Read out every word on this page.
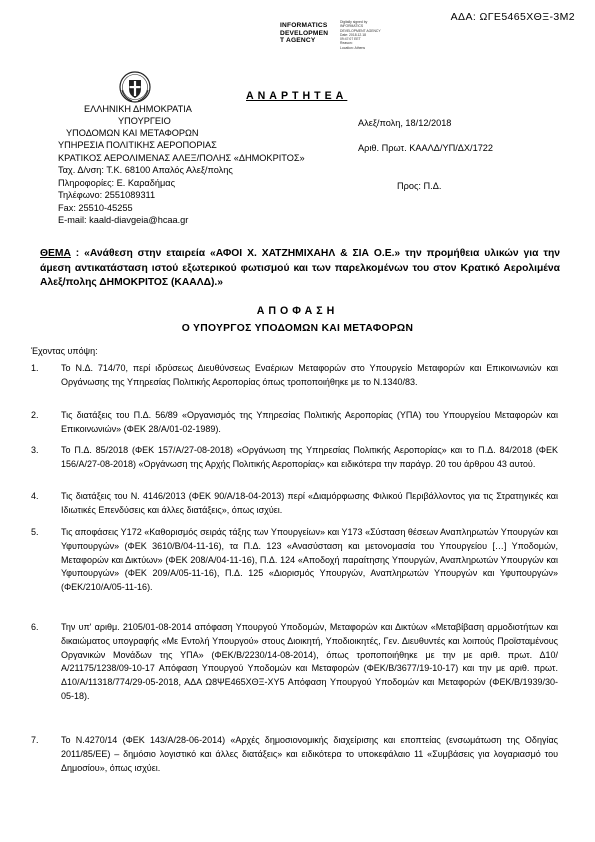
ΑΔΑ: ΩΓΕ5465ΧΘΞ-3Μ2
INFORMATICS
DEVELOPMEN
T AGENCY
Digitally signed by
INFORMATICS
DEVELOPMENT AGENCY
Date: 2018.12.18
09:47:07 EET
Reason:
Location: Athens
ΑΝΑΡΤΗΤΕΑ
ΕΛΛΗΝΙΚΗ ΔΗΜΟΚΡΑΤΙΑ
ΥΠΟΥΡΓΕΙΟ
ΥΠΟΔΟΜΩΝ ΚΑΙ ΜΕΤΑΦΟΡΩΝ
ΥΠΗΡΕΣΙΑ ΠΟΛΙΤΙΚΗΣ ΑΕΡΟΠΟΡΙΑΣ
ΚΡΑΤΙΚΟΣ ΑΕΡΟΛΙΜΕΝΑΣ ΑΛΕΞ/ΠΟΛΗΣ «ΔΗΜΟΚΡΙΤΟΣ»
Ταχ. Δ/νση: Τ.Κ. 68100 Απαλός Αλεξ/πολης
Πληροφορίες: Ε. Καραδήμας
Τηλέφωνο: 2551089311
Fax: 25510-45255
E-mail: kaald-diavgeia@hcaa.gr
Αλεξ/πολη, 18/12/2018
Αριθ. Πρωτ. ΚΑΑΛΔ/ΥΠ/ΔΧ/1722
Προς: Π.Δ.
ΘΕΜΑ : «Ανάθεση στην εταιρεία «ΑΦΟΙ Χ. ΧΑΤΖΗΜΙΧΑΗΛ & ΣΙΑ Ο.Ε.» την προμήθεια υλικών για την άμεση αντικατάσταση ιστού εξωτερικού φωτισμού και των παρελκομένων του στον Κρατικό Αερολιμένα Αλεξ/πολης ΔΗΜΟΚΡΙΤΟΣ (ΚΑΑΛΔ).»
ΑΠΟΦΑΣΗ
Ο ΥΠΟΥΡΓΟΣ ΥΠΟΔΟΜΩΝ ΚΑΙ ΜΕΤΑΦΟΡΩΝ
Έχοντας υπόψη:
1. Το Ν.Δ. 714/70, περί ιδρύσεως Διευθύνσεως Εναέριων Μεταφορών στο Υπουργείο Μεταφορών και Επικοινωνιών και Οργάνωσης της Υπηρεσίας Πολιτικής Αεροπορίας όπως τροποποιήθηκε με το Ν.1340/83.
2. Τις διατάξεις του Π.Δ. 56/89 «Οργανισμός της Υπηρεσίας Πολιτικής Αεροπορίας (ΥΠΑ) του Υπουργείου Μεταφορών και Επικοινωνιών» (ΦΕΚ 28/Α/01-02-1989).
3. Το Π.Δ. 85/2018 (ΦΕΚ 157/Α/27-08-2018) «Οργάνωση της Υπηρεσίας Πολιτικής Αεροπορίας» και το Π.Δ. 84/2018 (ΦΕΚ 156/Α/27-08-2018) «Οργάνωση της Αρχής Πολιτικής Αεροπορίας» και ειδικότερα την παράγρ. 20 του άρθρου 43 αυτού.
4. Τις διατάξεις του Ν. 4146/2013 (ΦΕΚ 90/Α/18-04-2013) περί «Διαμόρφωσης Φιλικού Περιβάλλοντος για τις Στρατηγικές και Ιδιωτικές Επενδύσεις και άλλες διατάξεις», όπως ισχύει.
5. Τις αποφάσεις Υ172 «Καθορισμός σειράς τάξης των Υπουργείων» και Υ173 «Σύσταση θέσεων Αναπληρωτών Υπουργών και Υφυπουργών» (ΦΕΚ 3610/Β/04-11-16), τα Π.Δ. 123 «Ανασύσταση και μετονομασία του Υπουργείου […] Υποδομών, Μεταφορών και Δικτύων» (ΦΕΚ 208/Α/04-11-16), Π.Δ. 124 «Αποδοχή παραίτησης Υπουργών, Αναπληρωτών Υπουργών και Υφυπουργών» (ΦΕΚ 209/Α/05-11-16), Π.Δ. 125 «Διορισμός Υπουργών, Αναπληρωτών Υπουργών και Υφυπουργών» (ΦΕΚ/210/Α/05-11-16).
6. Την υπ' αριθμ. 2105/01-08-2014 απόφαση Υπουργού Υποδομών, Μεταφορών και Δικτύων «Μεταβίβαση αρμοδιοτήτων και δικαιώματος υπογραφής «Με Εντολή Υπουργού» στους Διοικητή, Υποδιοικητές, Γεν. Διευθυντές και λοιπούς Προϊσταμένους Οργανικών Μονάδων της ΥΠΑ» (ΦΕΚ/Β/2230/14-08-2014), όπως τροποποιήθηκε με την με αριθ. πρωτ. Δ10/Α/21175/1238/09-10-17 Απόφαση Υπουργού Υποδομών και Μεταφορών (ΦΕΚ/Β/3677/19-10-17) και την με αριθ. πρωτ. Δ10/Α/11318/774/29-05-2018, ΑΔΑ Ω8ΨΕ465ΧΘΞ-ΧΥ5 Απόφαση Υπουργού Υποδομών και Μεταφορών (ΦΕΚ/Β/1939/30-05-18).
7. Το Ν.4270/14 (ΦΕΚ 143/Α/28-06-2014) «Αρχές δημοσιονομικής διαχείρισης και εποπτείας (ενσωμάτωση της Οδηγίας 2011/85/ΕΕ) – δημόσιο λογιστικό και άλλες διατάξεις» και ειδικότερα το υποκεφάλαιο 11 «Συμβάσεις για λογαριασμό του Δημοσίου», όπως ισχύει.
